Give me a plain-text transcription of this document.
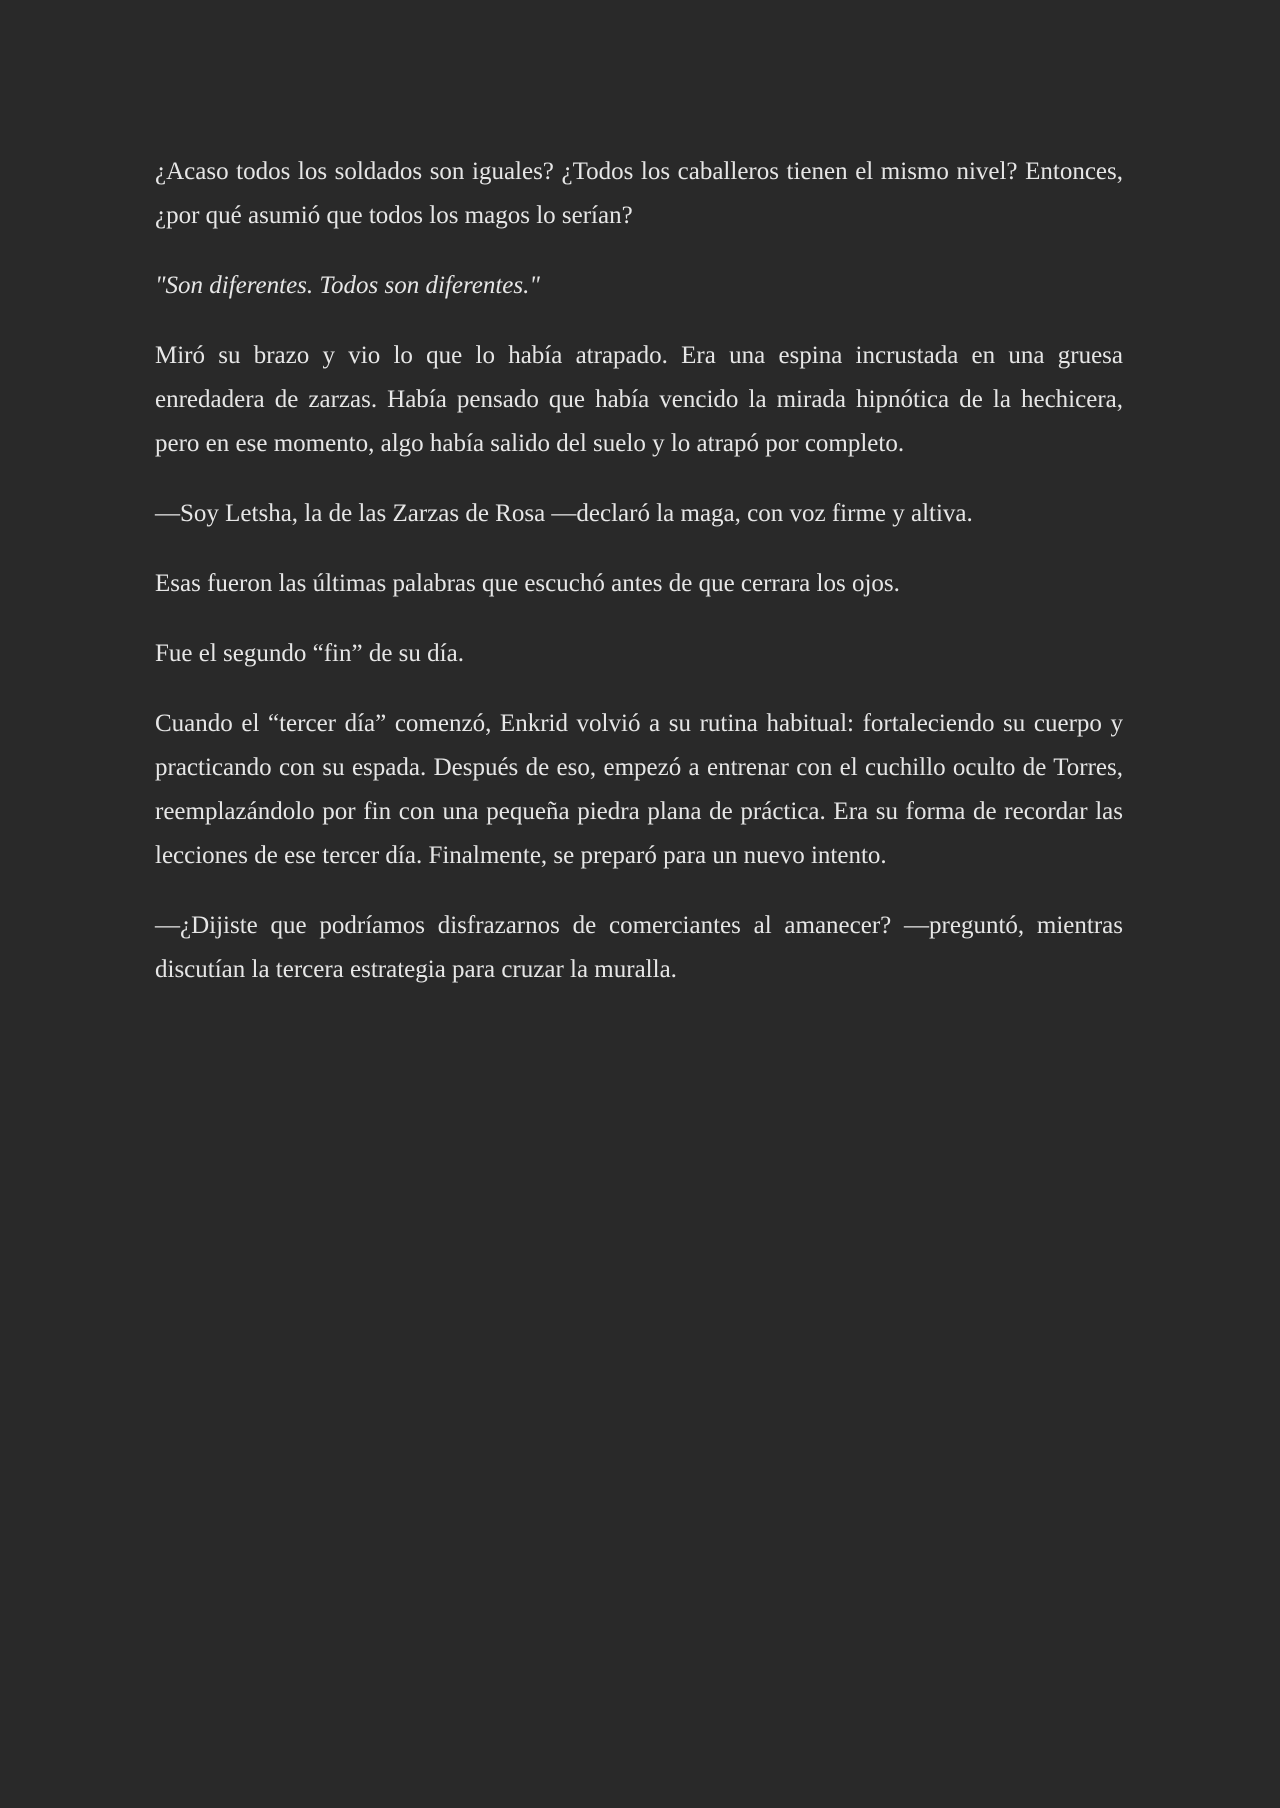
¿Acaso todos los soldados son iguales? ¿Todos los caballeros tienen el mismo nivel? Entonces, ¿por qué asumió que todos los magos lo serían?

"Son diferentes. Todos son diferentes."

Miró su brazo y vio lo que lo había atrapado. Era una espina incrustada en una gruesa enredadera de zarzas. Había pensado que había vencido la mirada hipnótica de la hechicera, pero en ese momento, algo había salido del suelo y lo atrapó por completo.

—Soy Letsha, la de las Zarzas de Rosa —declaró la maga, con voz firme y altiva.

Esas fueron las últimas palabras que escuchó antes de que cerrara los ojos.

Fue el segundo “fin” de su día.

Cuando el “tercer día” comenzó, Enkrid volvió a su rutina habitual: fortaleciendo su cuerpo y practicando con su espada. Después de eso, empezó a entrenar con el cuchillo oculto de Torres, reemplazándolo por fin con una pequeña piedra plana de práctica. Era su forma de recordar las lecciones de ese tercer día. Finalmente, se preparó para un nuevo intento.

—¿Dijiste que podríamos disfrazarnos de comerciantes al amanecer? —preguntó, mientras discutían la tercera estrategia para cruzar la muralla.
